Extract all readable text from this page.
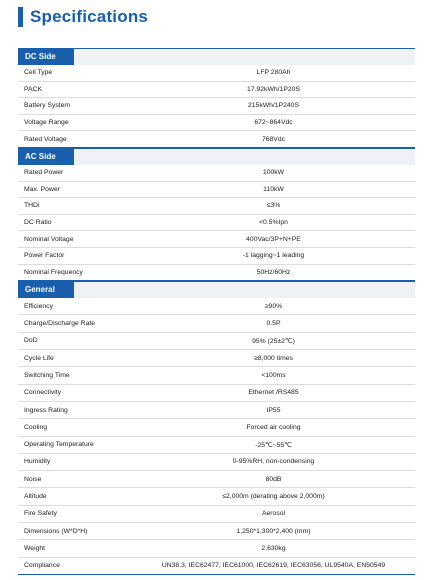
Specifications
DC Side
Cell Type	LFP 280Ah
PACK	17.92kWh/1P20S
Battery System	215kWh/1P240S
Voltage Range	672~864Vdc
Rated Voltage	768Vdc
AC Side
Rated Power	100kW
Max. Power	110kW
THDi	≤3%
DC Ratio	<0.5%Ipn
Nominal Voltage	400Vac/3P+N+PE
Power Factor	-1 lagging~1 leading
Nominal Frequency	50Hz/60Hz
General
Efficiency	≥90%
Charge/Discharge Rate	0.5P
DoD	95% (25±2℃)
Cycle Life	≥8,000 times
Switching Time	<100ms
Connectivity	Ethernet /RS485
Ingress Rating	IP55
Cooling	Forced air cooling
Operating Temperature	-25℃~55℃
Humidity	0-95%RH, non-condensing
Noise	80dB
Altitude	≤2,000m (derating above 2,000m)
Fire Safety	Aerosol
Dimensions (W*D*H)	1,250*1,300*2,400 (mm)
Weight	2,630kg
Compliance	UN38.3, IEC62477, IEC61000, IEC62619, IEC63056, UL9540A, EN50549
